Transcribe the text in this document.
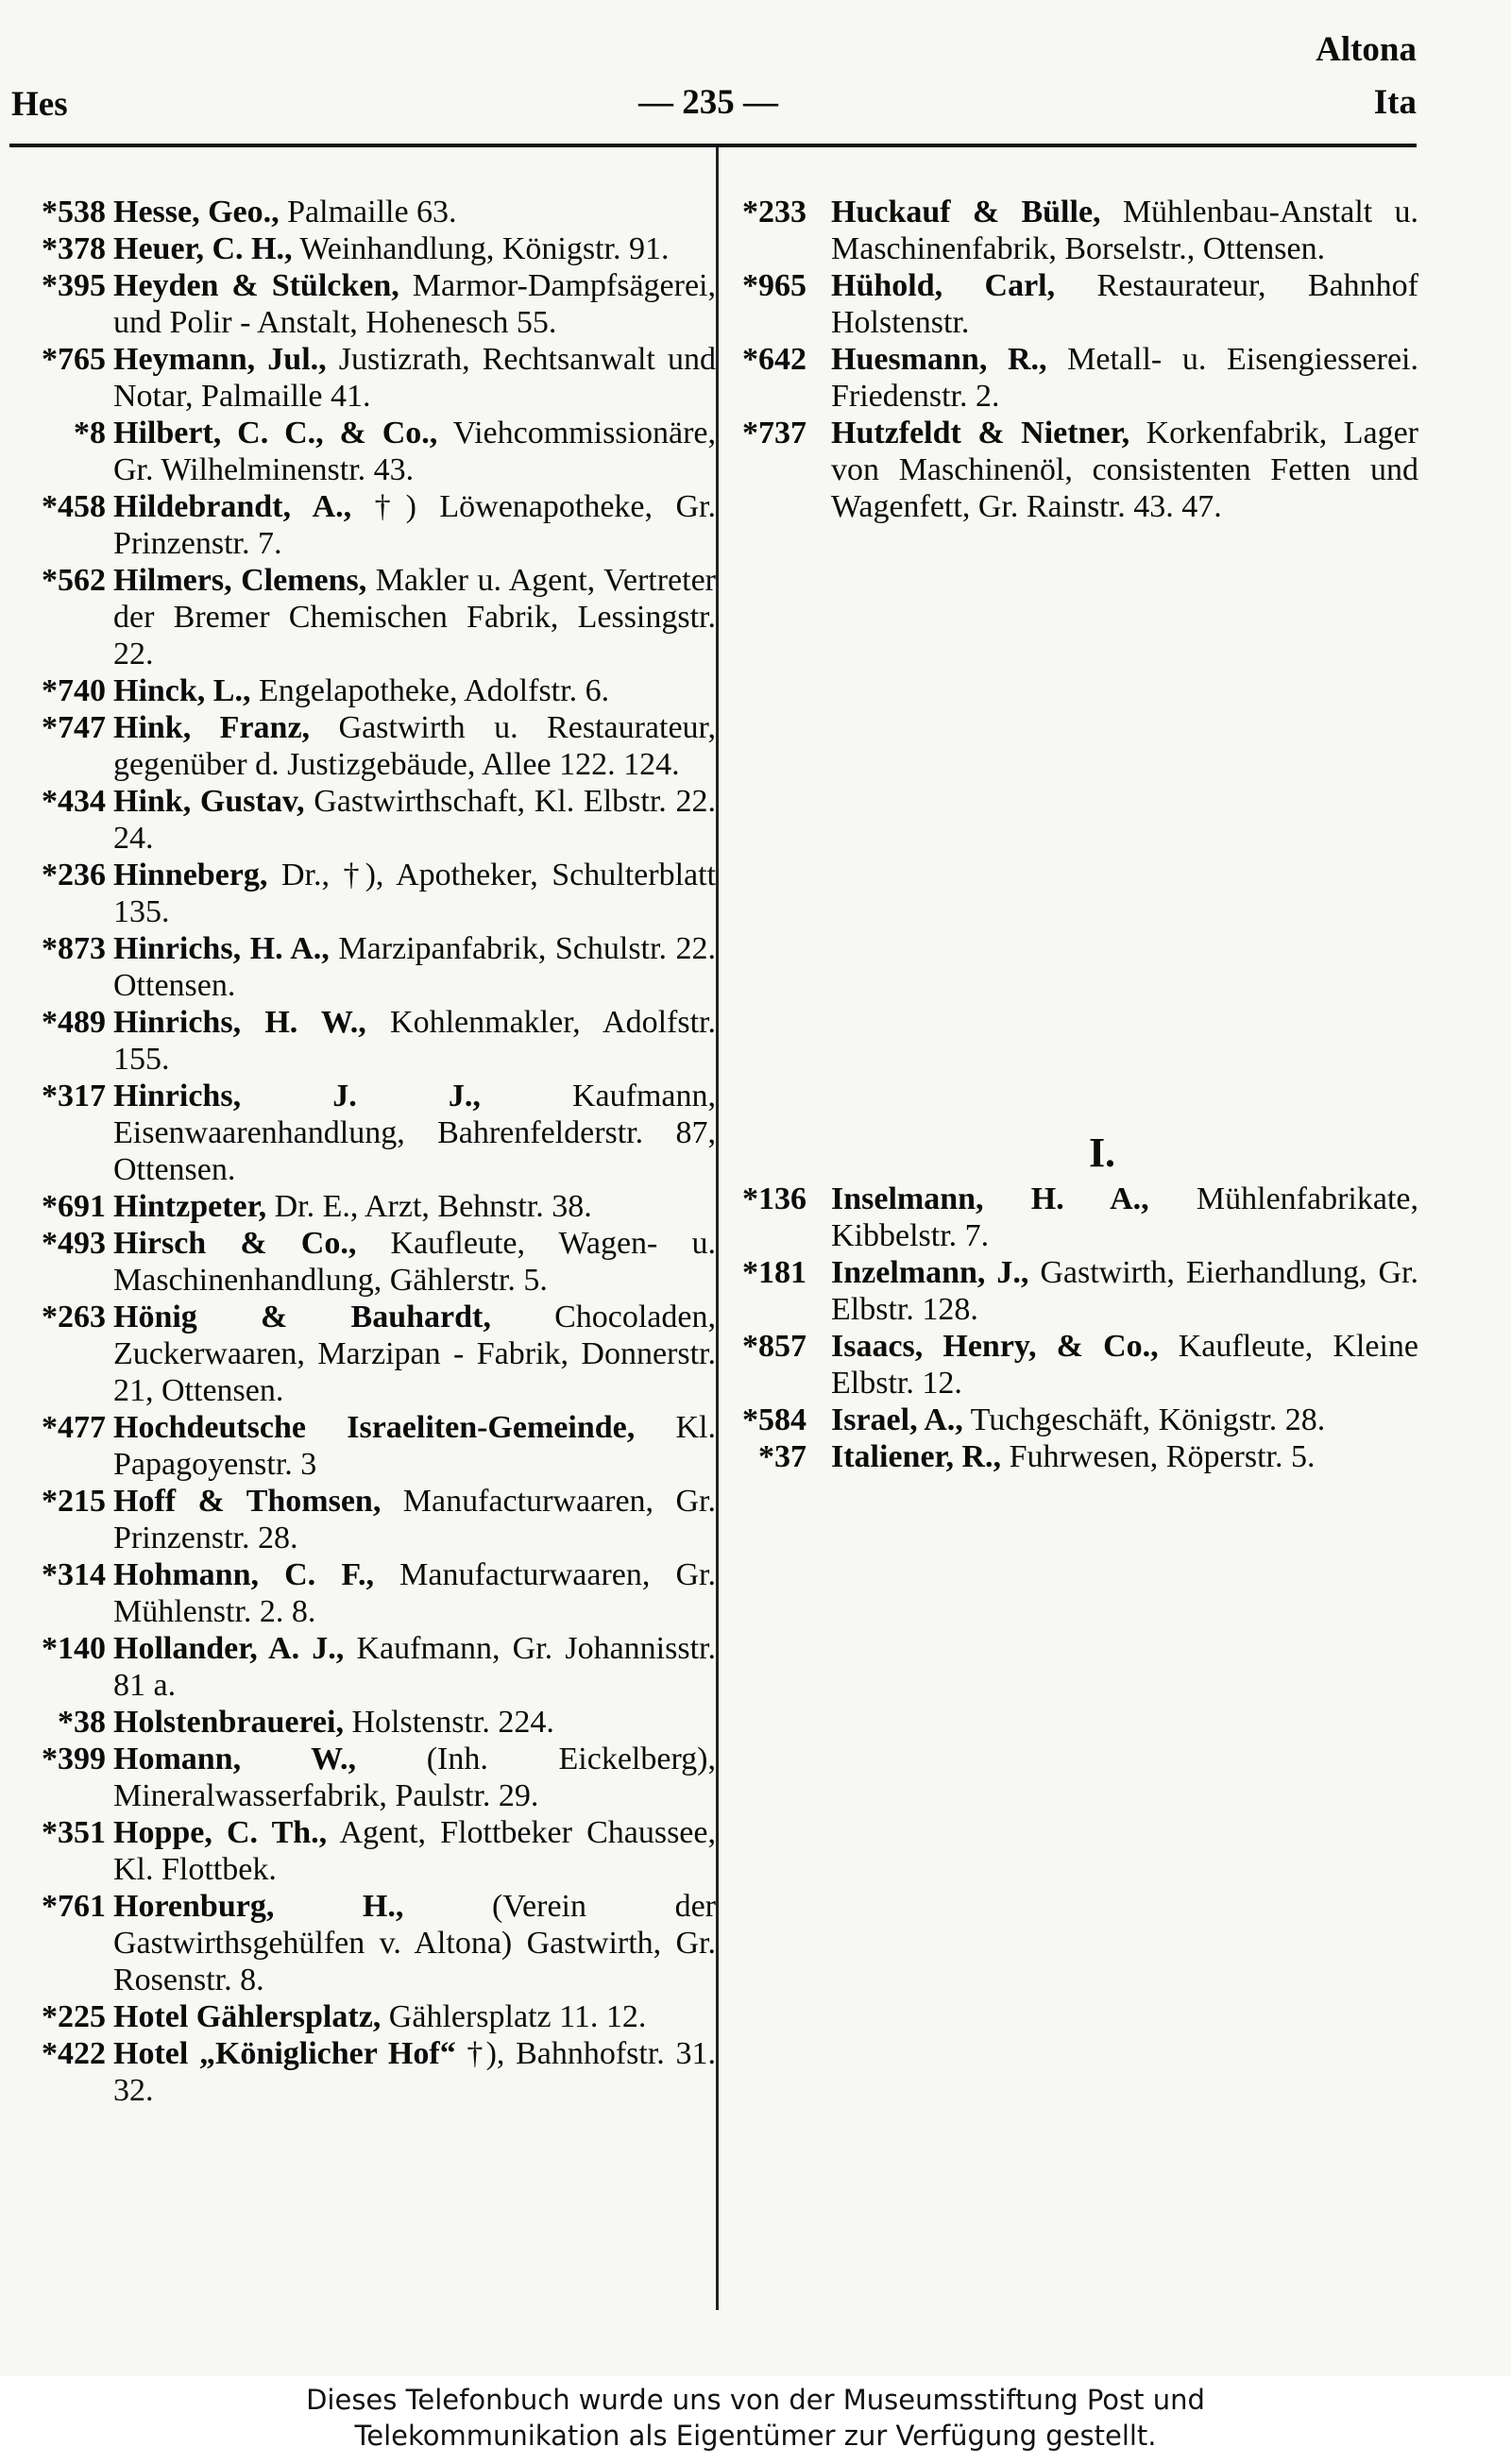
Hes	— 235 —
Altona
Ita
*538 Hesse, Geo., Palmaille 63.
*378 Heuer, C. H., Weinhandlung, Königstr. 91.
*395 Heyden & Stülcken, Marmor-Dampfsägerei, und Polir - Anstalt, Hohenesch 55.
*765 Heymann, Jul., Justizrath, Rechtsanwalt und Notar, Palmaille 41.
*8 Hilbert, C. C., & Co., Viehcommissionäre, Gr. Wilhelminenstr. 43.
*458 Hildebrandt, A., †) Löwenapotheke, Gr. Prinzenstr. 7.
*562 Hilmers, Clemens, Makler u. Agent, Vertreter der Bremer Chemischen Fabrik, Lessingstr. 22.
*740 Hinck, L., Engelapotheke, Adolfstr. 6.
*747 Hink, Franz, Gastwirth u. Restaurateur, gegenüber d. Justizgebäude, Allee 122. 124.
*434 Hink, Gustav, Gastwirthschaft, Kl. Elbstr. 22. 24.
*236 Hinneberg, Dr., †), Apotheker, Schulterblatt 135.
*873 Hinrichs, H. A., Marzipanfabrik, Schulstr. 22. Ottensen.
*489 Hinrichs, H. W., Kohlenmakler, Adolfstr. 155.
*317 Hinrichs, J. J., Kaufmann, Eisenwaarenhandlung, Bahrenfelderstr. 87, Ottensen.
*691 Hintzpeter, Dr. E., Arzt, Behnstr. 38.
*493 Hirsch & Co., Kaufleute, Wagen- u. Maschinenhandlung, Gählerstr. 5.
*263 Hönig & Bauhardt, Chocoladen, Zuckerwaaren, Marzipan - Fabrik, Donnerstr. 21, Ottensen.
*477 Hochdeutsche Israeliten-Gemeinde, Kl. Papagoyenstr. 3
*215 Hoff & Thomsen, Manufacturwaaren, Gr. Prinzenstr. 28.
*314 Hohmann, C. F., Manufacturwaaren, Gr. Mühlenstr. 2. 8.
*140 Hollander, A. J., Kaufmann, Gr. Johannisstr. 81 a.
*38 Holstenbrauerei, Holstenstr. 224.
*399 Homann, W., (Inh. Eickelberg), Mineralwasserfabrik, Paulstr. 29.
*351 Hoppe, C. Th., Agent, Flottbeker Chaussee, Kl. Flottbek.
*761 Horenburg, H., (Verein der Gastwirthsgehülfen v. Altona) Gastwirth, Gr. Rosenstr. 8.
*225 Hotel Gählersplatz, Gählersplatz 11. 12.
*422 Hotel „Königlicher Hof“ †), Bahnhofstr. 31. 32.
*233 Huckauf & Bülle, Mühlenbau-Anstalt u. Maschinenfabrik, Borselstr., Ottensen.
*965 Hühold, Carl, Restaurateur, Bahnhof Holstenstr.
*642 Huesmann, R., Metall- u. Eisengiesserei. Friedenstr. 2.
*737 Hutzfeldt & Nietner, Korkenfabrik, Lager von Maschinenöl, consistenten Fetten und Wagenfett, Gr. Rainstr. 43. 47.
I.
*136 Inselmann, H. A., Mühlenfabrikate, Kibbelstr. 7.
*181 Inzelmann, J., Gastwirth, Eierhandlung, Gr. Elbstr. 128.
*857 Isaacs, Henry, & Co., Kaufleute, Kleine Elbstr. 12.
*584 Israel, A., Tuchgeschäft, Königstr. 28.
*37 Italiener, R., Fuhrwesen, Röperstr. 5.
Dieses Telefonbuch wurde uns von der Museumsstiftung Post und
Telekommunikation als Eigentümer zur Verfügung gestellt.
